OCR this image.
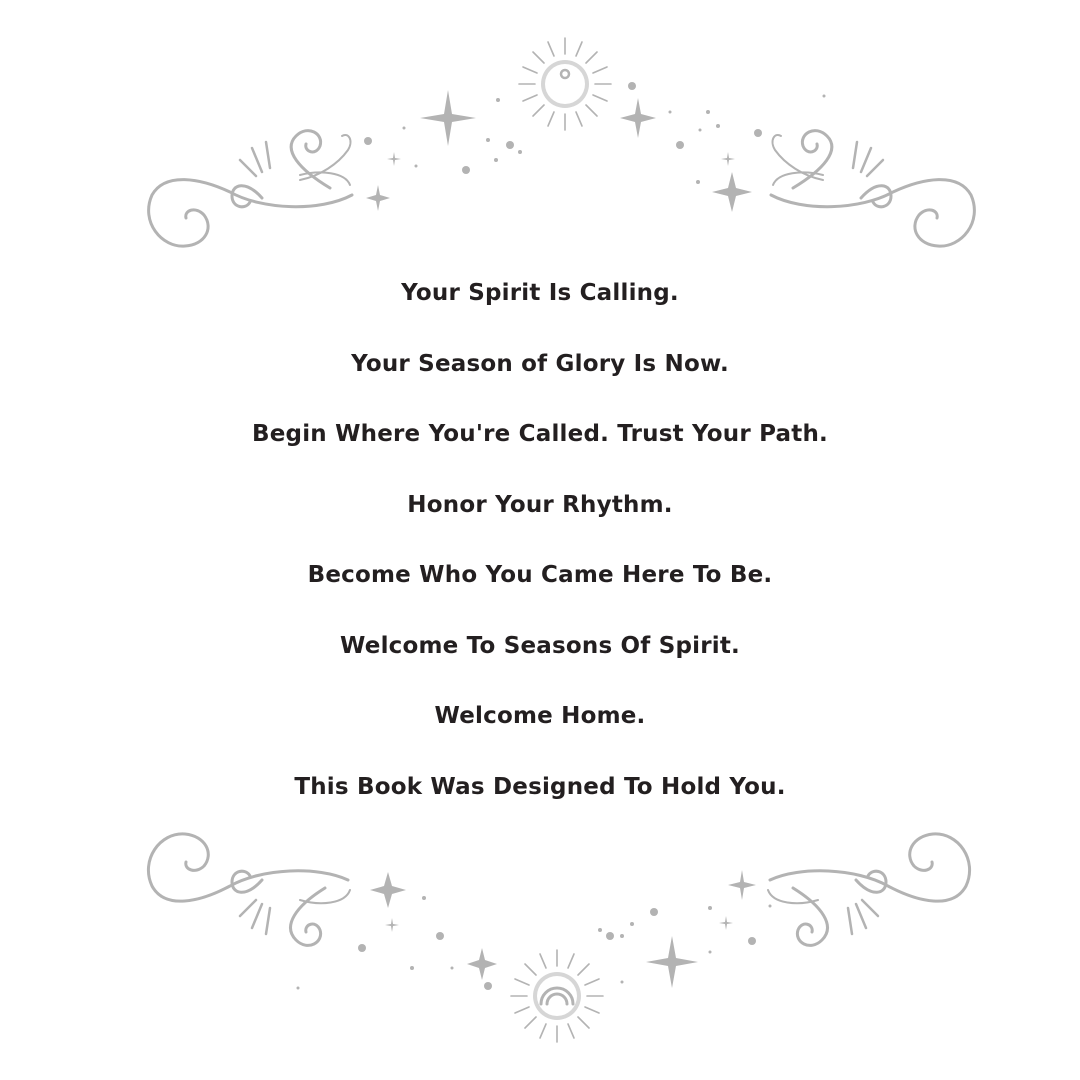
Your Spirit Is Calling.
Your Season of Glory Is Now.
Begin Where You're Called. Trust Your Path.
Honor Your Rhythm.
Become Who You Came Here To Be.
Welcome To Seasons Of Spirit.
Welcome Home.
This Book Was Designed To Hold You.
